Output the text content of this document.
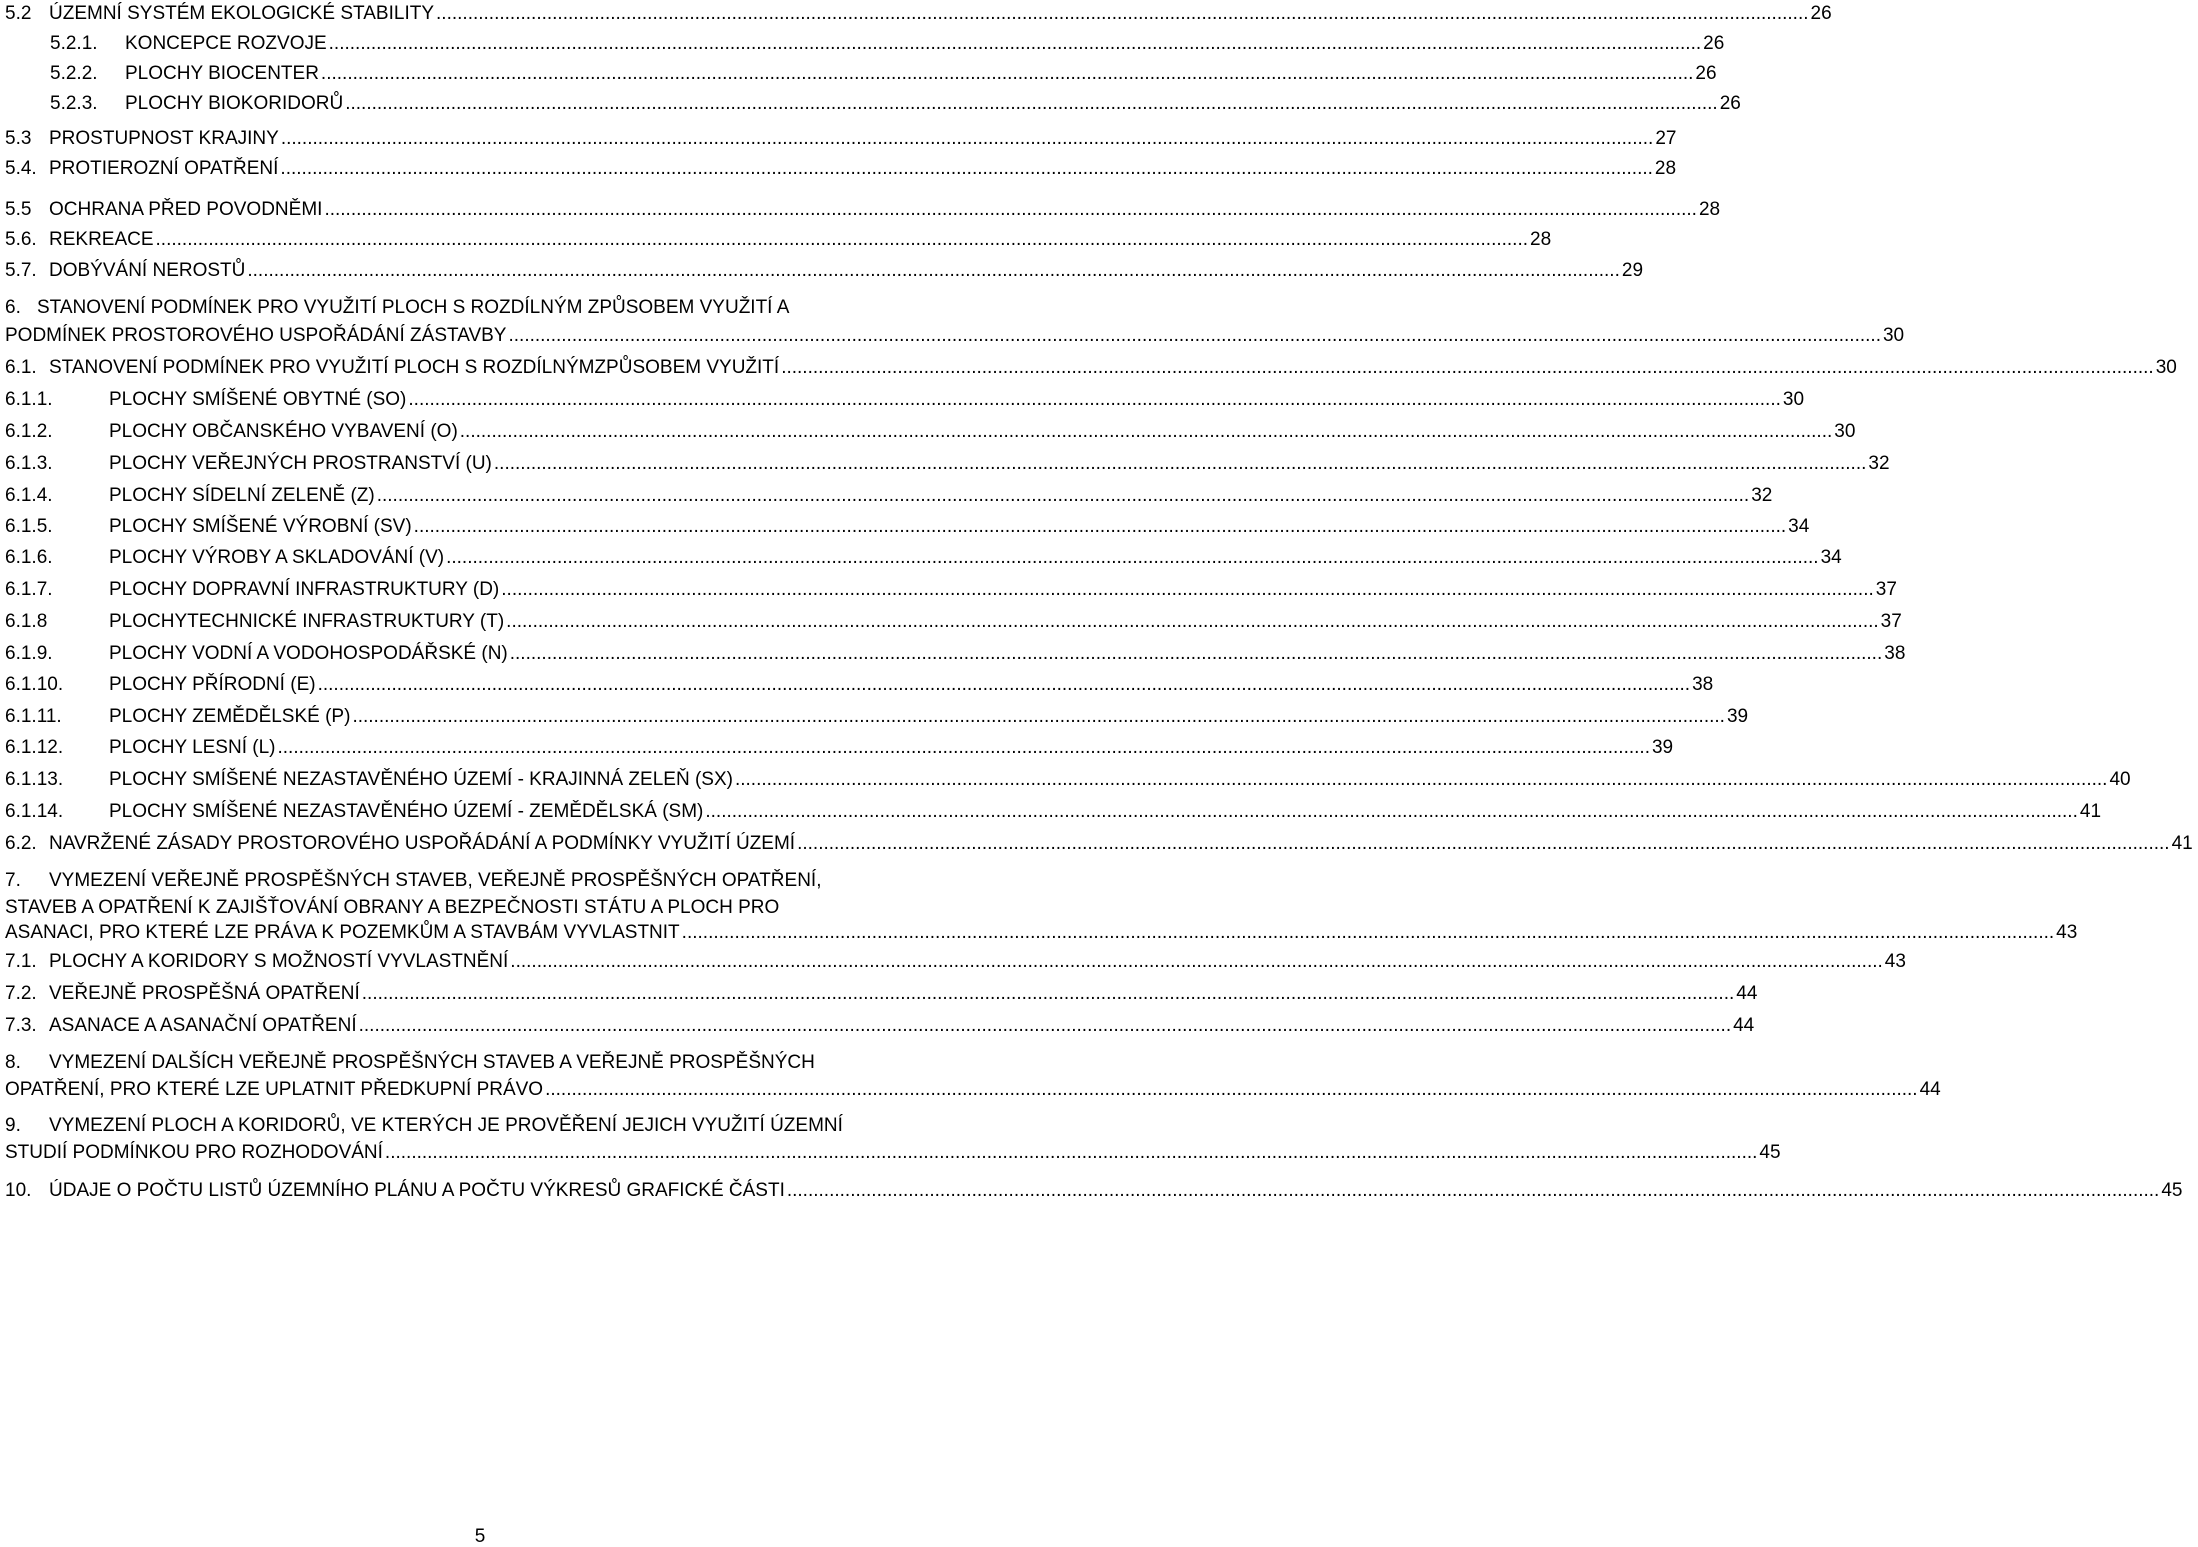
5.2 ÚZEMNÍ SYSTÉM EKOLOGICKÉ STABILITY .....	26
5.2.1.	KONCEPCE ROZVOJE .....	26
5.2.2.	PLOCHY BIOCENTER .....	26
5.2.3.	PLOCHY BIOKORIDORŮ .....	26
5.3 PROSTUPNOST KRAJINY .....	27
5.4. PROTIEROZNÍ OPATŘENÍ .....	28
5.5 OCHRANA PŘED POVODNĚMI .....	28
5.6. REKREACE .....	28
5.7. DOBÝVÁNÍ NEROSTŮ .....	29
6. STANOVENÍ PODMÍNEK PRO VYUŽITÍ PLOCH S ROZDÍLNÝM ZPŮSOBEM VYUŽITÍ A
PODMÍNEK PROSTOROVÉHO USPOŘÁDÁNÍ ZÁSTAVBY .....	30
6.1. STANOVENÍ PODMÍNEK PRO VYUŽITÍ PLOCH S ROZDÍLNÝMZPŮSOBEM VYUŽITÍ .....	30
6.1.1.	PLOCHY SMÍŠENÉ OBYTNÉ (SO) .....	30
6.1.2.	PLOCHY OBČANSKÉHO VYBAVENÍ (O) .....	30
6.1.3.	PLOCHY VEŘEJNÝCH PROSTRANSTVÍ (U) .....	32
6.1.4.	PLOCHY SÍDELNÍ ZELENĚ (Z) .....	32
6.1.5.	PLOCHY SMÍŠENÉ VÝROBNÍ (SV) .....	34
6.1.6.	PLOCHY VÝROBY A SKLADOVÁNÍ (V) .....	34
6.1.7.	PLOCHY DOPRAVNÍ INFRASTRUKTURY (D) .....	37
6.1.8	PLOCHYTECHNICKÉ INFRASTRUKTURY (T) .....	37
6.1.9.	PLOCHY VODNÍ A VODOHOSPODÁŘSKÉ (N) .....	38
6.1.10.	PLOCHY PŘÍRODNÍ (E) .....	38
6.1.11.	PLOCHY ZEMĚDĚLSKÉ (P) .....	39
6.1.12.	PLOCHY LESNÍ (L) .....	39
6.1.13.	PLOCHY SMÍŠENÉ NEZASTAVĚNÉHO ÚZEMÍ - KRAJINNÁ ZELEŇ (SX) .....	40
6.1.14.	PLOCHY SMÍŠENÉ NEZASTAVĚNÉHO ÚZEMÍ - ZEMĚDĚLSKÁ (SM) .....	41
6.2. NAVRŽENÉ ZÁSADY PROSTOROVÉHO USPOŘÁDÁNÍ A PODMÍNKY VYUŽITÍ ÚZEMÍ .....	41
7.	VYMEZENÍ VEŘEJNĚ PROSPĚŠNÝCH STAVEB, VEŘEJNĚ PROSPĚŠNÝCH OPATŘENÍ,
STAVEB A OPATŘENÍ K ZAJIŠŤOVÁNÍ OBRANY A BEZPEČNOSTI STÁTU A PLOCH PRO
ASANACI, PRO KTERÉ LZE PRÁVA K POZEMKŮM A STAVBÁM VYVLASTNIT .....	43
7.1. PLOCHY A KORIDORY S MOŽNOSTÍ VYVLASTNĚNÍ .....	43
7.2. VEŘEJNĚ PROSPĚŠNÁ OPATŘENÍ .....	44
7.3. ASANACE A ASANAČNÍ OPATŘENÍ .....	44
8.	VYMEZENÍ DALŠÍCH VEŘEJNĚ PROSPĚŠNÝCH STAVEB A VEŘEJNĚ PROSPĚŠNÝCH
OPATŘENÍ, PRO KTERÉ LZE UPLATNIT PŘEDKUPNÍ PRÁVO .....	44
9.	VYMEZENÍ PLOCH A KORIDORŮ, VE KTERÝCH JE PROVĚŘENÍ JEJICH VYUŽITÍ ÚZEMNÍ
STUDIÍ PODMÍNKOU PRO ROZHODOVÁNÍ .....	45
10. ÚDAJE O POČTU LISTŮ ÚZEMNÍHO PLÁNU A POČTU VÝKRESŮ GRAFICKÉ ČÁSTI .....	45
5
